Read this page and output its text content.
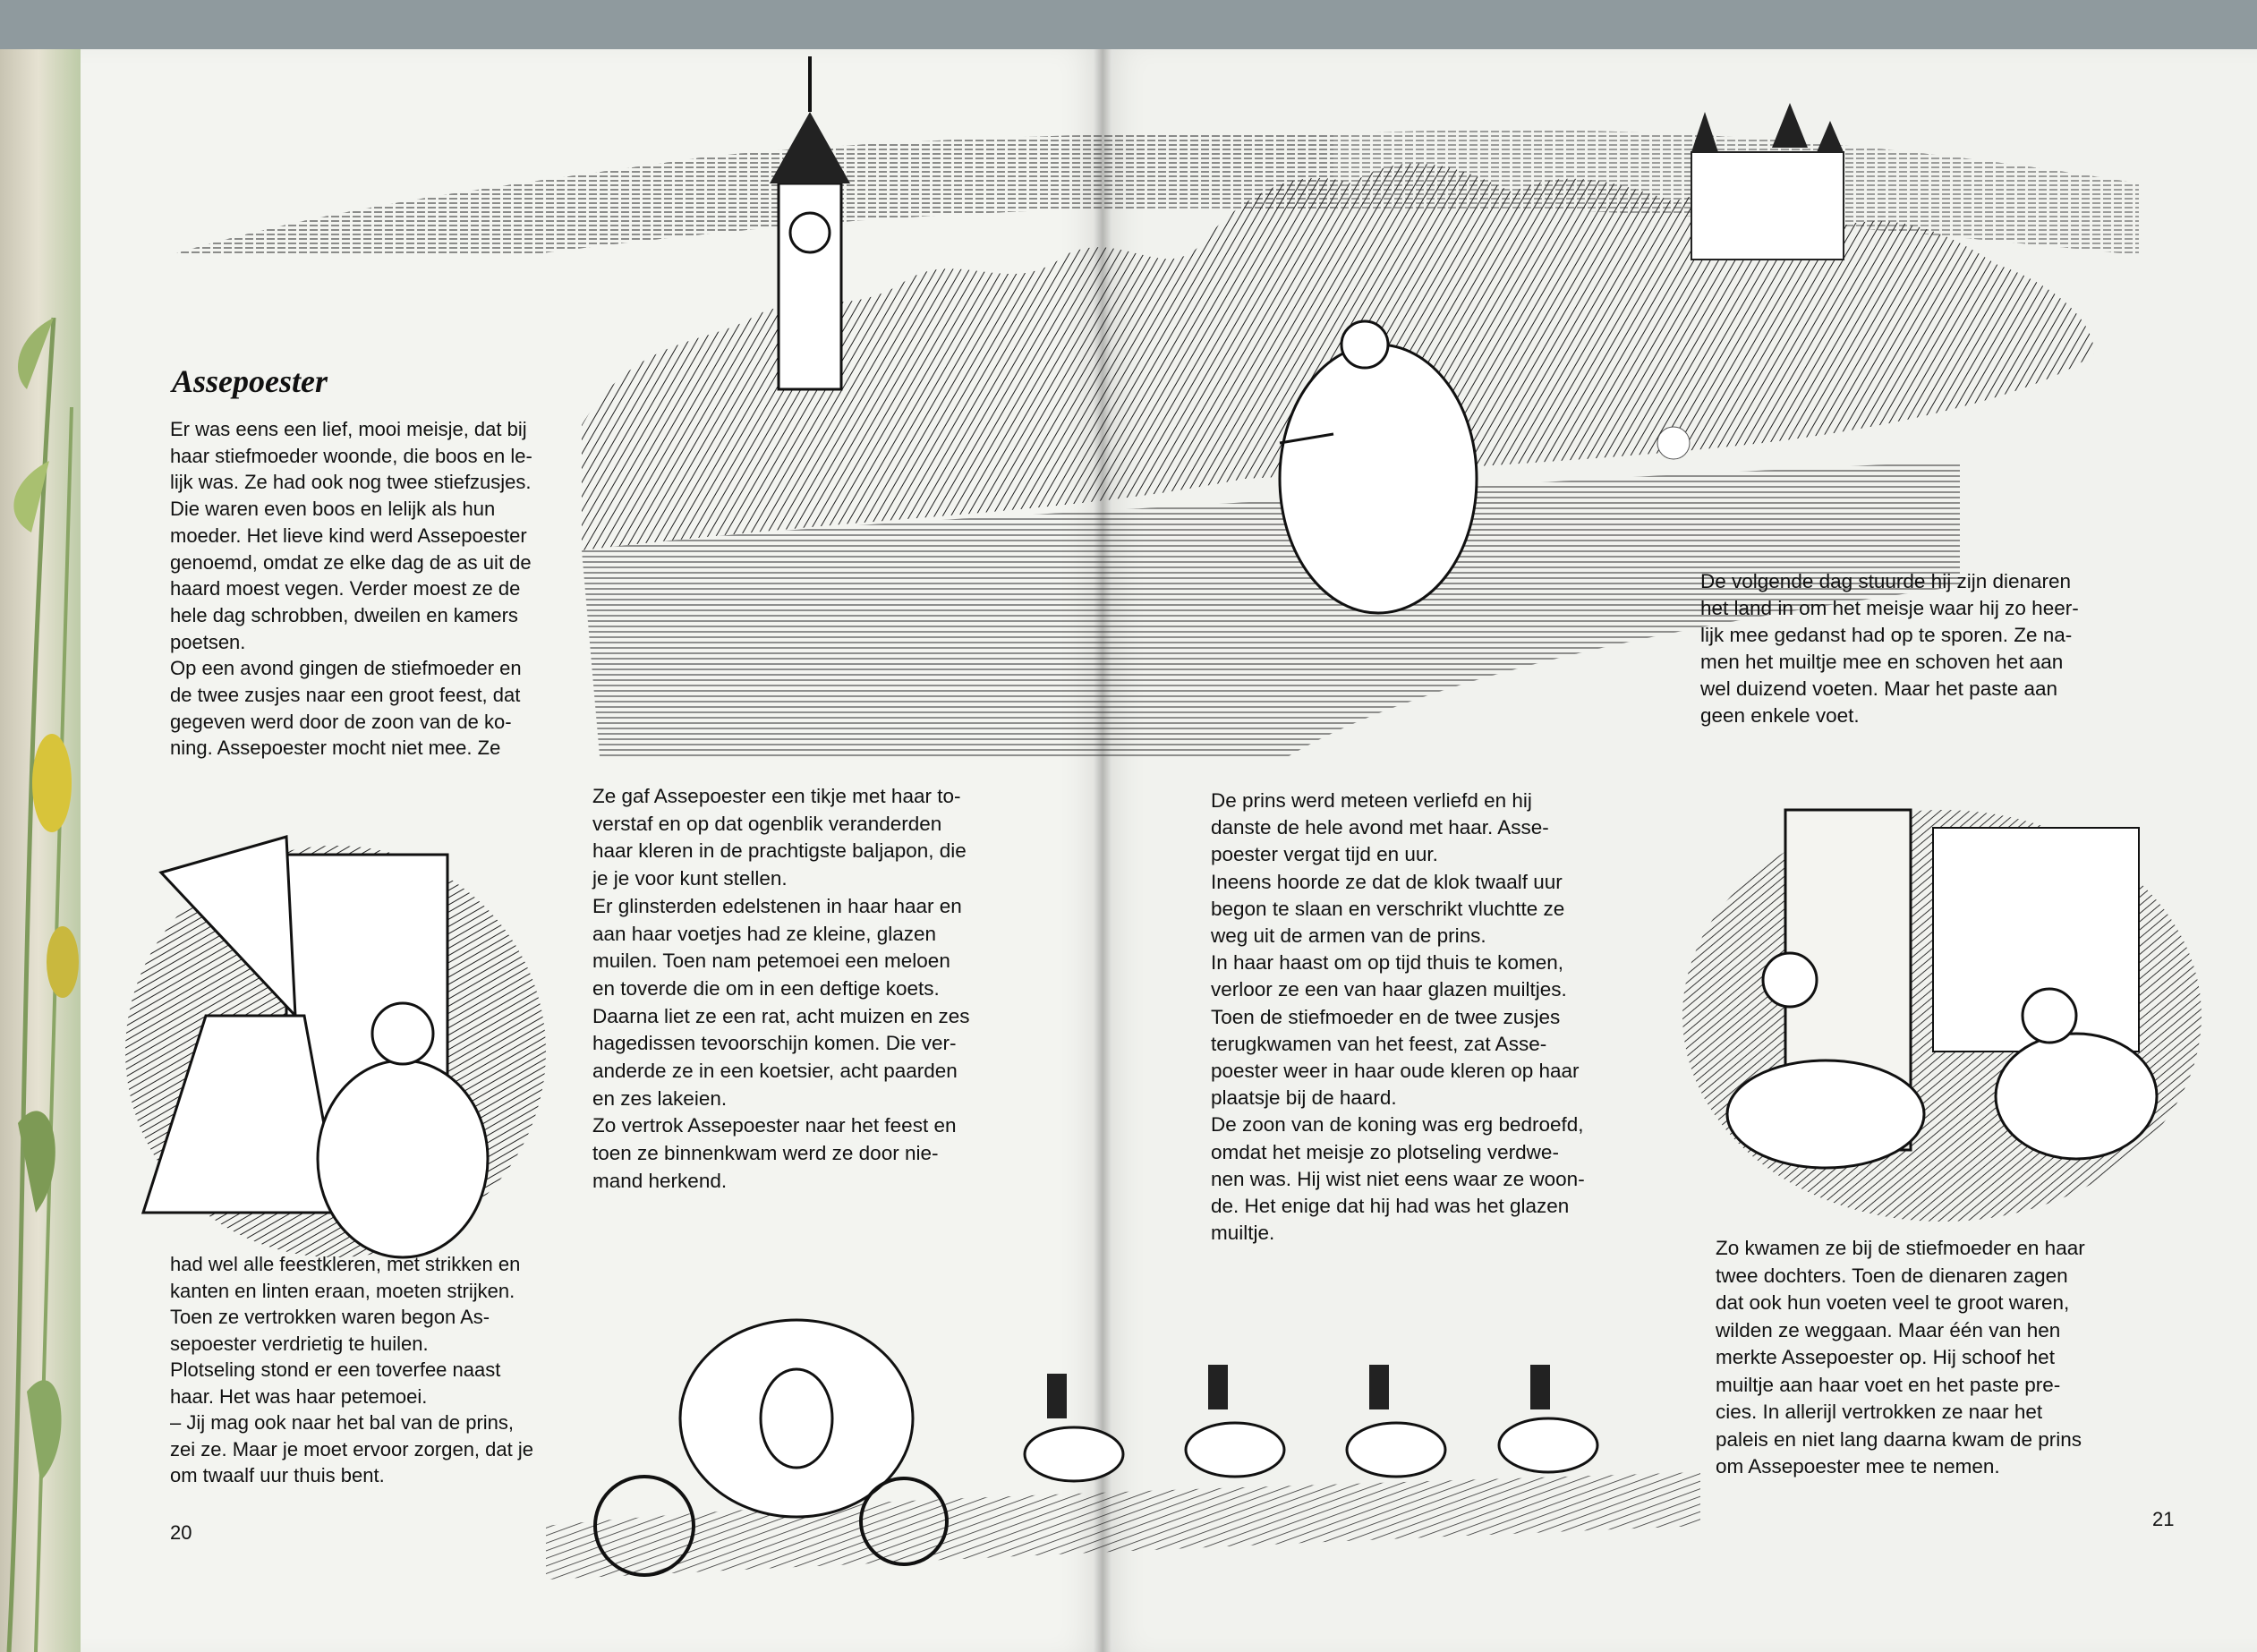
Assepoester

Er was eens een lief, mooi meisje, dat bij
haar stiefmoeder woonde, die boos en le-
lijk was. Ze had ook nog twee stiefzusjes.
Die waren even boos en lelijk als hun
moeder. Het lieve kind werd Assepoester
genoemd, omdat ze elke dag de as uit de
haard moest vegen. Verder moest ze de
hele dag schrobben, dweilen en kamers
poetsen.
Op een avond gingen de stiefmoeder en
de twee zusjes naar een groot feest, dat
gegeven werd door de zoon van de ko-
ning. Assepoester mocht niet mee. Ze

had wel alle feestkleren, met strikken en
kanten en linten eraan, moeten strijken.
Toen ze vertrokken waren begon As-
sepoester verdrietig te huilen.
Plotseling stond er een toverfee naast
haar. Het was haar petemoei.
– Jij mag ook naar het bal van de prins,
zei ze. Maar je moet ervoor zorgen, dat je
om twaalf uur thuis bent.

Ze gaf Assepoester een tikje met haar to-
verstaf en op dat ogenblik veranderden
haar kleren in de prachtigste baljapon, die
je je voor kunt stellen.
Er glinsterden edelstenen in haar haar en
aan haar voetjes had ze kleine, glazen
muilen. Toen nam petemoei een meloen
en toverde die om in een deftige koets.
Daarna liet ze een rat, acht muizen en zes
hagedissen tevoorschijn komen. Die ver-
anderde ze in een koetsier, acht paarden
en zes lakeien.
Zo vertrok Assepoester naar het feest en
toen ze binnenkwam werd ze door nie-
mand herkend.

20

De volgende dag stuurde hij zijn dienaren
het land in om het meisje waar hij zo heer-
lijk mee gedanst had op te sporen. Ze na-
men het muiltje mee en schoven het aan
wel duizend voeten. Maar het paste aan
geen enkele voet.

De prins werd meteen verliefd en hij
danste de hele avond met haar. Asse-
poester vergat tijd en uur.
Ineens hoorde ze dat de klok twaalf uur
begon te slaan en verschrikt vluchtte ze
weg uit de armen van de prins.
In haar haast om op tijd thuis te komen,
verloor ze een van haar glazen muiltjes.
Toen de stiefmoeder en de twee zusjes
terugkwamen van het feest, zat Asse-
poester weer in haar oude kleren op haar
plaatsje bij de haard.
De zoon van de koning was erg bedroefd,
omdat het meisje zo plotseling verdwe-
nen was. Hij wist niet eens waar ze woon-
de. Het enige dat hij had was het glazen
muiltje.

Zo kwamen ze bij de stiefmoeder en haar
twee dochters. Toen de dienaren zagen
dat ook hun voeten veel te groot waren,
wilden ze weggaan. Maar één van hen
merkte Assepoester op. Hij schoof het
muiltje aan haar voet en het paste pre-
cies. In allerijl vertrokken ze naar het
paleis en niet lang daarna kwam de prins
om Assepoester mee te nemen.

21
